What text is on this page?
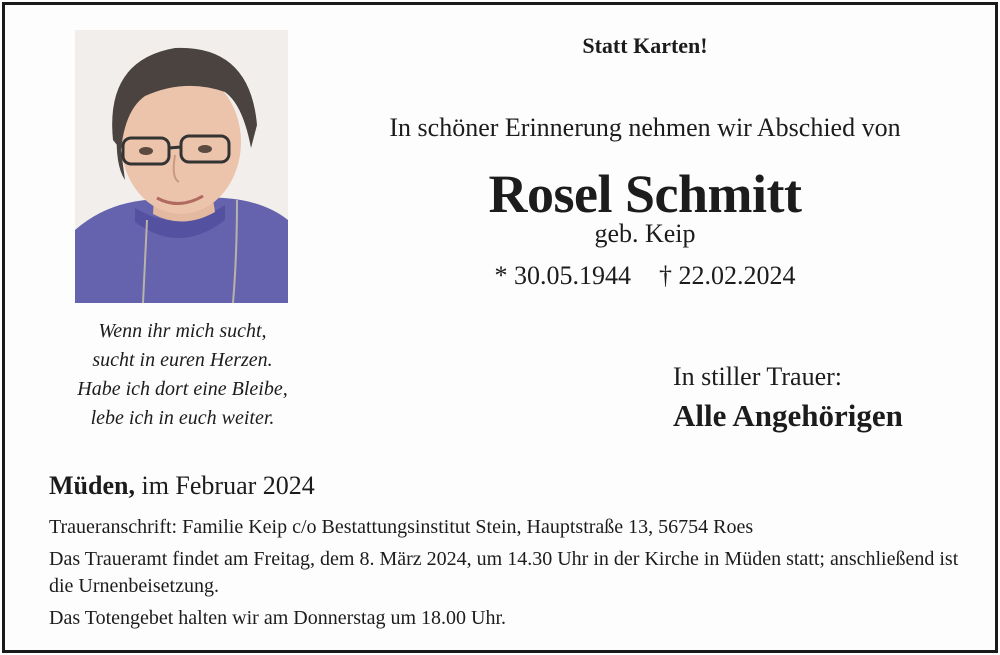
Wenn ihr mich sucht,
sucht in euren Herzen.
Habe ich dort eine Bleibe,
lebe ich in euch weiter.
Statt Karten!
In schöner Erinnerung nehmen wir Abschied von
Rosel Schmitt
geb. Keip
* 30.05.1944 † 22.02.2024
In stiller Trauer:
Alle Angehörigen
Müden, im Februar 2024

Traueranschrift: Familie Keip c/o Bestattungsinstitut Stein, Hauptstraße 13, 56754 Roes

Das Traueramt findet am Freitag, dem 8. März 2024, um 14.30 Uhr in der Kirche in Müden statt; anschließend ist die Urnenbeisetzung.

Das Totengebet halten wir am Donnerstag um 18.00 Uhr.
